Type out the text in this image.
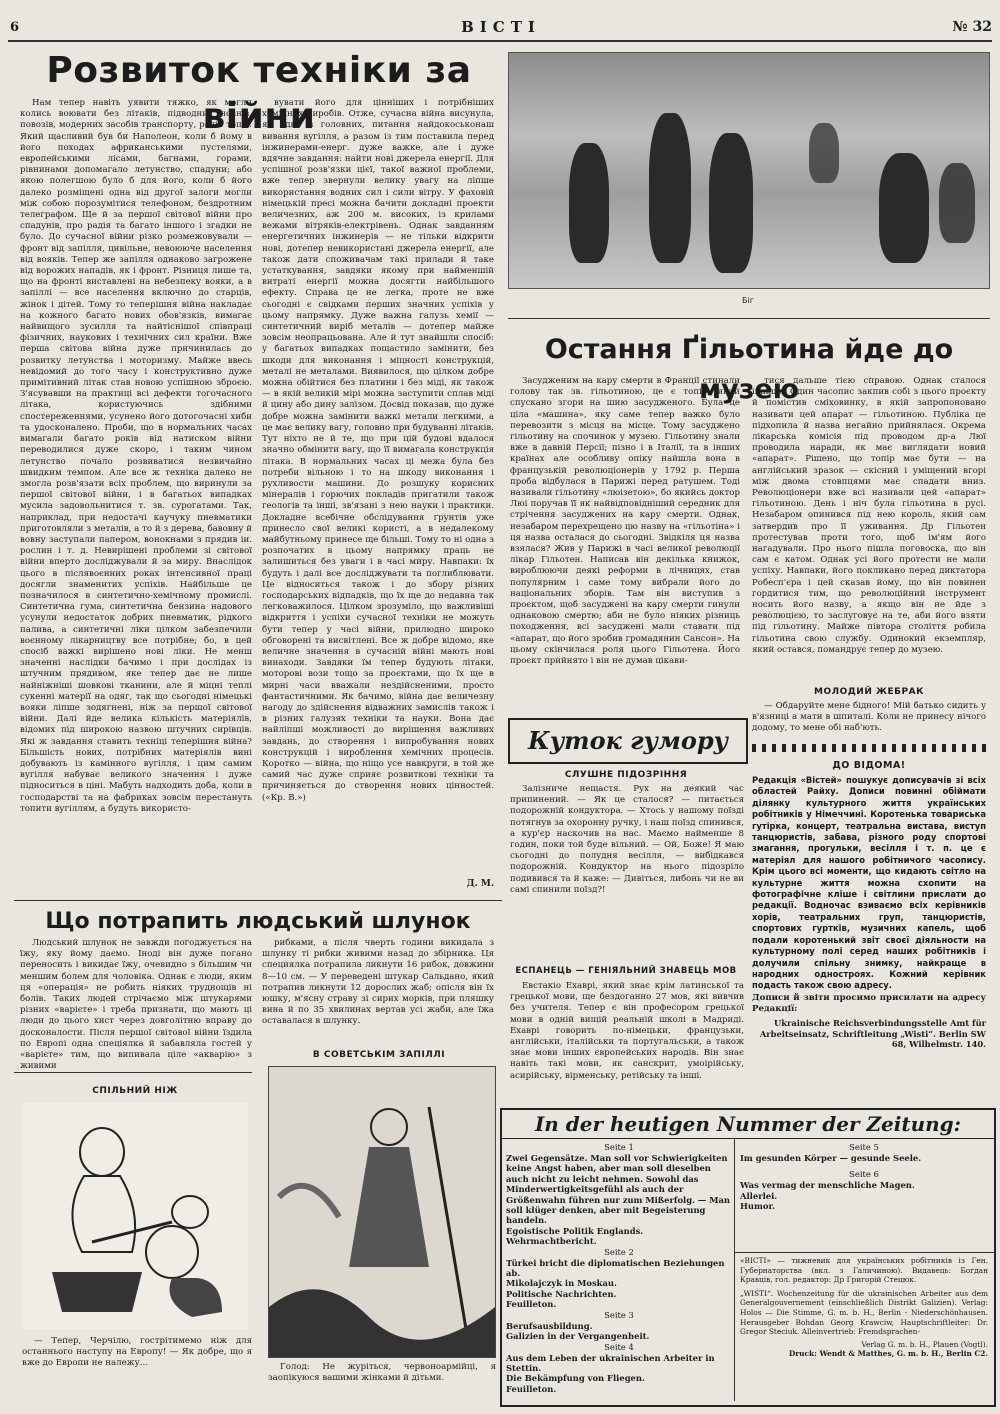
6	ВІСТІ	№ 32
Розвиток техніки за війни

Нам тепер навіть уявити тяжко, як могли колись воювати без літаків, підводних човнів, повозів, модерних засобів транспорту, радія тощо. Який щасливий був би Наполеон, коли б йому в його походах африканськими пустелями, европейськими лісами, багнами, горами, рівнинами допомагало летунство, спадуни; або якою полегшою було б для його, коли б його далеко розміщені одна від другої залоги могли між собою порозумітися телефоном, бездротним телеграфом. Ще й за першої світової війни про спадунів, про радія та багато іншого і згадки не було. До сучасної війни різко розмежовували — фронт від запілля, цивільне, невоююче населення від вояків. Тепер же запілля однаково загрожене від ворожих нападів, як і фронт. Різниця лише та, що на фронті виставлені на небезпеку вояки, а в запіллі — все населення включно до старців, жінок і дітей. Тому то теперішня війна накладає на кожного багато нових обов'язків, вимагає найвищого зусилля та найтіснішої співпраці фізичних, наукових і технічних сил країни. Вже перша світова війна дуже причинилась до розвитку летунства і моторизму. Майже ввесь невідомий до того часу і конструктивно дуже примітивний літак став новою успішною зброєю. З'ясувавши на практиці всі дефекти тогочасного літака, користуючись здібними спостереженнями, усунено його дотогочасні хиби та удосконалено. Проби, що в нормальних часах вимагали багато років від натиском війни переводилися дуже скоро, і таким чином летунство почало розвиватися незвичайно швидким темпом. Але все ж техніка далеко не змогла розв'язати всіх проблем, що виринули за першої світової війни, і в багатьох випадках мусила задовольнитися т. зв. сурогатами. Так, наприклад, при недостачі каучуку пневматики приготовляли з металів, а то й з дерева, бавовну й вовну заступали папером, вонокнами з прядив іи. рослин і т. д. Невирішені проблеми зі світової війни вперто досліджували й за миру. Внаслідок цього в післявоєнних роках інтенсивної праці досягли знаменитих успіхів. Найбільше це позначилося в синтетично-хемічному промислі. Синтетична гума, синтетична бензина надового усунули недостаток добрих пневматик, рідкого палива, а синтетичні ліки цілком забезпечили воєнному лікарництву все потрібне; бо, в цей спосіб важкі вирішено нові ліки. Не менш значенні наслідки бачимо і при дослідах із штучним прядивом, яке тепер дає не лише найніжніші шовкові тканини, але й міцні теплі сукенні матерії на одяг, так що сьогодні німецькі вояки ліпше зодягнені, ніж за першої світової війни. Далі йде велика кількість матеріялів, відомих під широкою назвою штучних сирівців. Які ж завдання ставить техніці теперішня війна? Більшість нових, потрібних матеріялів вині добувають із камінного вугілля, і цим самим вугілля набуває великого значення і дуже підноситься в ціні. Мабуть надходить доба, коли в господарстві та на фабриках зовсім перестануть топити вугіллям, а будуть використо-

вувати його для цінніших і потрібніших хемічних виробів. Отже, сучасна війна висунула, як одне з головних, питання найдокоськонаш вивання вугілля, а разом із тим поставила перед інжинерами-енерг. дуже важке, але і дуже вдячне завдання: найти нові джерела енергії. Для успішної розв'язки цієї, такої важної проблеми, вже тепер звернули велику увагу на ліпше використання водних сил і сили вітру. У фаховій німецькій пресі можна бачити докладні проекти величезних, аж 200 м. високих, із крилами вежами вітряків-електрівень. Однак завданням енергетичних інжинерів — не тільки відкрити нові, дотепер невикористані джерела енергії, але також дати споживачам такі прилади й таке устаткування, завдяки якому при найменшій витраті енергії можна досягти найбільшого ефекту. Справа це не легка, проте не вже сьогодні є свідками перших значних успіхів у цьому напрямку. Дуже важна галузь хемії — синтетичний виріб металів — дотепер майже зовсім неопрацьована. Але й тут знайшли спосіб: у багатьох випадках пощастило замінити, без шкоди для виконання і міцності конструкцій, металі не металами. Виявилося, що цілком добре можна обійтися без платини і без міді, як також — в якій великій мірі можна заступити сплав міді й цину або дину залізом. Досвід показав, що дуже добре можна замінити важкі метали легкими, а це має велику вагу, головно при будуванні літаків. Тут ніхто не й те, що при цій будові вдалося значно обмінити вагу, що її вимагала конструкція літака. В нормальних часах ці межа була без потреби вільною і то на шкоду виконання і рухливости машини. До розшуку корисних мінералів і горючих покладів пригатили також геологів та інші, зв'язані з нею науки і практики. Докладне всебічне обслідування ґрунтів уже принесло свої великі користі, а в недалекому майбутньому принесе ще більші. Тому то ні одна з розпочатих в цьому напрямку праць не залишиться без уваги і в часі миру. Навпаки: їх будуть і далі все досліджувати та поглиблювати. Це відноситься також і до збору різних господарських відпадків, що їх ще до недавна так легковажилося. Цілком зрозуміло, що важливіші відкриття і успіхи сучасної техніки не можуть бути тепер у часі війни, прилюдно широко обговорені та висвітлені. Все ж добре відомо, яке величне значення в сучасній війні мають нові винаходи. Завдяки їм тепер будують літаки, моторові вози тощо за проєктами, що їх ще в мирні часи вважали нездійсненими, просто фантастичними. Як бачимо, війна дає величезну нагоду до здійснення відважних замислів також і в різних галузях техніки та науки. Вона дає найліпші можливості до вирішення важливих завдань, до створення і випробування нових конструкцій і вироблення хемічних процесів. Коротко — війна, що ніщо усе навкруги, в той же самий час дуже сприяє розвиткові техніки та причиняється до створення нових цінностей. («Кр. В.»)

Д. М.
Біг
Остання Ґільотина йде до музею

Засудженим на кару смерти в Франції стинали голову так зв. гільотиною, це є топір, який спускано згори на шию засудженого. Була це ціла «машина», яку саме тепер важко було перевозити з місця на місце. Тому засуджено гільотину на спочинок у музею. Гільотину знали вже в давній Персії; пізно і в Італії, та в інших країнах але особливу опіку найшла вона в французькій революціонерів у 1792 р. Перша проба відбулася в Парижі перед ратушем. Тоді називали гільотину «люізетою», бо якийсь доктор Люі поручав її як найвідповідніший середник для стрічення засуджених на кару смерти. Однак, незабаром перехрещено цю назву на «гільотіна» і ця назва осталася до сьогодні. Звідкіля ця назва взялася? Жив у Парижі в часі великої революції лікар Гільотен. Написав він декілька книжок, вироблюючи деякі реформи в лічницях, став популярним і саме тому вибрали його до національних зборів. Там він виступив з проєктом, щоб засуджені на кару смерти гинули однаковою смертю; аби не було ніяких різниць походження, всі засуджені мали ставати під «апарат, що його зробив громадянин Сансон». На цьому скінчилася роля цього Гільотена. Його проєкт прийнято і він не думав цікави-

тися дальше тією справою. Однак сталося інакше. Один часопис закпив собі з цього проєкту й помістив сміховинку, в якій запропоновано називати цей апарат — гільотиною. Публіка це підхопила й назва негайно прийнялася. Окрема лікарська комісія під проводом др-а Люї проводила наради, як має виглядати новий «апарат». Рішено, що топір має бути — на англійський зразок — скісний і уміщений вгорі між двома стовпцями має спадати вниз. Революціонери вже всі називали цей «апарат» гільотиною. День і ніч була гільотина в русі. Незабаром опинився під нею король, який сам затвердив про її уживання. Др Гільотен протестував проти того, щоб ім'ям його нагадували. Про нього пішла поговоска, що він сам є катом. Однак усі його протести не мали успіху. Навпаки, його покликано перед диктатора Робесп'єра і цей сказав йому, що він повинен гордитися тим, що революційний інструмент носить його назву, а якщо він не йде з революцією, то заслуговує на те, аби його взяти під гільотину. Майже півтора століття робила гільотина свою службу. Одинокий екземпляр, який остався, помандрує тепер до музею.

МОЛОДИЙ ЖЕБРАК

— Обдаруйте мене бідного! Мій батько сидить у в'язниці а мати в шпиталі. Коли не принесу нічого додому, то мене обі наб'ють.

ДО ВІДОМА!
Редакція «Вістей» пошукує дописувачів зі всіх областей Райху. Дописи повинні обіймати ділянку культурного життя українських робітників у Німеччині. Коротенька товариська гутірка, концерт, театральна вистава, виступ танцюристів, забава, різного роду спортові змагання, прогульки, весілля і т. п. це є матеріял для нашого робітничого часопису. Крім цього всі моменти, що кидають світло на культурне життя можна схопити на фотографічне кліше і світлини прислати до редакції. Водночас взиваємо всіх керівників хорів, театральних груп, танцюристів, спортових гуртків, музичних капель, щоб подали коротенький звіт своєї діяльности на культурному полі серед наших робітників і долучили спільну знимку, найкраще в народних одностроях. Кожний керівник подасть також свою адресу.
Дописи й звіти просимо присилати на адресу Редакції:
Ukrainische Reichsverbindungsstelle Amt für Arbeitseinsatz, Schriftleitung „Wisti“. Berlin SW 68, Wilhelmstr. 140.
Куток гумору
СЛУШНЕ ПІДОЗРІННЯ

Залізниче нещастя. Рух на деякий час припинений. — Як це сталося? — питається подорожній кондуктора. — Хтось у нашому поїзді потягнув за охоронну ручку, і наш поїзд спинився, а кур'єр наскочив на нас. Маємо найменше 8 годин, поки той буде вільний. — Ой, Боже! Я маю сьогодні до полудня весілля, — вибідкався подорожній. Кондуктор на нього підозріло подивився та й каже: — Дивіться, либонь чи не ви самі спинили поїзд?!

ЕСПАНЕЦЬ — ГЕНІЯЛЬНИЙ ЗНАВЕЦЬ МОВ

Евстакіо Ехаврі, який знає крім латинської та грецької мови, ще бездоганно 27 мов, які вивчив без учителя. Тепер є він професором грецької мови в одній вищій реальній школі в Мадриді. Ехаврі говорить по-німецьки, французьки, англійськи, італійськи та португальськи, а також знає мови інших європейських народів. Він знає навіть такі мови, як санскрит, умоірійську, асирійську, вірменську, ретійську та інші.

Що потрапить людський шлунок

Людський шлунок не завжди погоджується на їжу, яку йому даємо. Іноді він дуже погано переносить і викидає їжу, очевидно з більшим чи меншим болем для чоловіка. Однак є люди, яким ця «операція» не робить ніяких труднощів ні болів. Таких людей стрічаємо між штукарями різних «варієте» і треба признати, що мають ці люди до цього хист через довголітню вправу до досконалости. Після першої світової війни їздила по Европі одна спеціялка й забавляла гостей у «варієте» тим, що випивала ціле «акварію» з живими

рибками, а після чверть години викидала з шлунку ті рибки живими назад до збірника. Ця специялка потрапила ликнути 16 рибок, довжини 8—10 см. — У переведені штукар Сальдано, який потрапив ликнути 12 дорослих жаб; опісля він їх юшку, м'ясну страву зі сирих морків, при пляшку вина й по 35 хвилинах вертав усі жаби, але їжа оставалася в шлунку.

СПІЛЬНИЙ НІЖ

— Тепер, Черчілю, гострітимемо ніж для останнього наступу на Европу! — Як добре, що я вже до Европи не належу…

В СОВЕТСЬКІМ ЗАПІЛЛІ

Голод: Не журіться, червоноармійці, я заопікуюся вашими жінками й дітьми.

In der heutigen Nummer der Zeitung:
Seite 1
Zwei Gegensätze. Man soll vor Schwierigkeiten keine Angst haben, aber man soll dieselben auch nicht zu leicht nehmen. Sowohl das Minderwertigkeitsgefühl als auch der Größenwahn führen nur zum Mißerfolg. — Man soll klüger denken, aber mit Begeisterung handeln.
Egoistische Politik Englands.
Wehrmachtbericht.
Seite 2
Türkei bricht die diplomatischen Beziehungen ab.
Mikolajczyk in Moskau.
Politische Nachrichten.
Feuilleton.
Seite 3
Berufsausbildung.
Galizien in der Vergangenheit.
Seite 4
Aus dem Leben der ukrainischen Arbeiter in Stettin.
Die Bekämpfung von Fliegen.
Feuilleton.
Seite 5
Im gesunden Körper — gesunde Seele.
Seite 6
Was vermag der menschliche Magen.
Allerlei.
Humor.
«ВІСТІ» — тижневик для українських робітників із Ген. Губернаторства (вкл. з Галичиною). Видавець: Богдан Кравців, гол. редактор: Др Григорій Стецюк.
„WISTI“. Wochenzeitung für die ukrainischen Arbeiter aus dem Generalgouvernement (einschließlich Distrikt Galizien). Verlag: Holos — Die Stimme, G. m. b. H., Berlin - Niederschönhausen. Herausgeber Bohdan Georg Krawciw, Hauptschriftleiter: Dr. Gregor Steciuk. Alleinvertrieb: Fremdsprachen-
Verlag G. m. b. H., Plauen (Vogtl).
Druck: Wendt & Matthes, G. m. b. H., Berlin C2.
